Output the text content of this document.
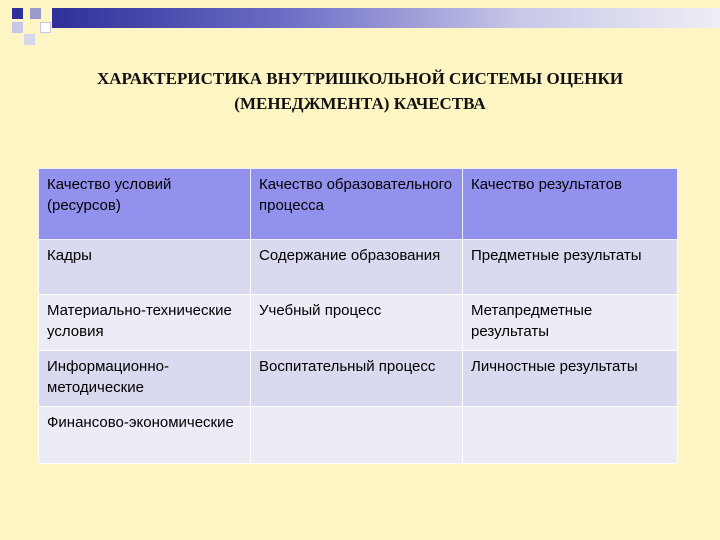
ХАРАКТЕРИСТИКА ВНУТРИШКОЛЬНОЙ СИСТЕМЫ ОЦЕНКИ
(МЕНЕДЖМЕНТА) КАЧЕСТВА
Качество условий (ресурсов)	Качество образовательного процесса	Качество результатов
Кадры	Содержание образования	Предметные результаты
Материально-технические условия	Учебный процесс	Метапредметные результаты
Информационно-методические	Воспитательный процесс	Личностные результаты
Финансово-экономические		
